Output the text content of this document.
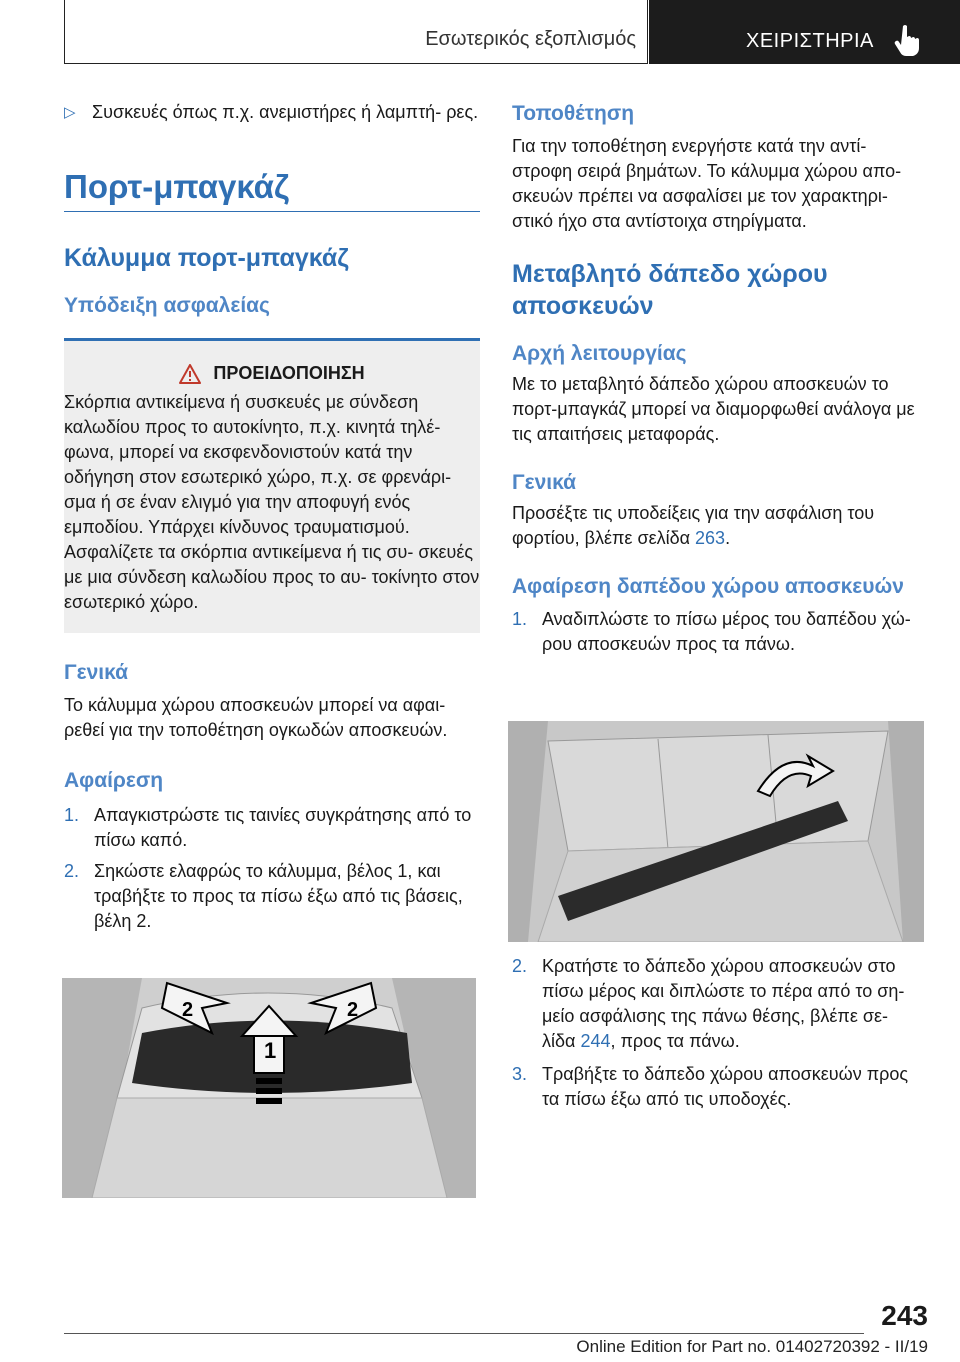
Εσωτερικός εξοπλισμός	ΧΕΙΡΙΣΤΗΡΙΑ
▷ Συσκευές όπως π.χ. ανεμιστήρες ή λαμπτή‐ ρες.
Πορτ-μπαγκάζ
Κάλυμμα πορτ-μπαγκάζ
Υπόδειξη ασφαλείας
ΠΡΟΕΙΔΟΠΟΙΗΣΗ

Σκόρπια αντικείμενα ή συσκευές με σύνδεση καλωδίου προς το αυτοκίνητο, π.χ. κινητά τηλέ‐ φωνα, μπορεί να εκσφενδονιστούν κατά την οδήγηση στον εσωτερικό χώρο, π.χ. σε φρενάρι‐ σμα ή σε έναν ελιγμό για την αποφυγή ενός εμποδίου. Υπάρχει κίνδυνος τραυματισμού. Ασφαλίζετε τα σκόρπια αντικείμενα ή τις συ‐ σκευές με μια σύνδεση καλωδίου προς το αυ‐ τοκίνητο στον εσωτερικό χώρο.

Γενικά

Το κάλυμμα χώρου αποσκευών μπορεί να αφαι‐ ρεθεί για την τοποθέτηση ογκωδών αποσκευών.

Αφαίρεση
1. Απαγκιστρώστε τις ταινίες συγκράτησης από το πίσω καπό.
2. Σηκώστε ελαφρώς το κάλυμμα, βέλος 1, και τραβήξτε το προς τα πίσω έξω από τις βάσεις, βέλη 2.
1
2	2
Τοποθέτηση

Για την τοποθέτηση ενεργήστε κατά την αντί‐ στροφη σειρά βημάτων. Το κάλυμμα χώρου απο‐ σκευών πρέπει να ασφαλίσει με τον χαρακτηρι‐ στικό ήχο στα αντίστοιχα στηρίγματα.

Μεταβλητό δάπεδο χώρου αποσκευών
Αρχή λειτουργίας

Με το μεταβλητό δάπεδο χώρου αποσκευών το πορτ-μπαγκάζ μπορεί να διαμορφωθεί ανάλογα με τις απαιτήσεις μεταφοράς.

Γενικά

Προσέξτε τις υποδείξεις για την ασφάλιση του φορτίου, βλέπε σελίδα 263.

Αφαίρεση δαπέδου χώρου αποσκευών
1. Αναδιπλώστε το πίσω μέρος του δαπέδου χώ‐ ρου αποσκευών προς τα πάνω.
2. Κρατήστε το δάπεδο χώρου αποσκευών στο πίσω μέρος και διπλώστε το πέρα από το ση‐ μείο ασφάλισης της πάνω θέσης, βλέπε σε‐ λίδα 244, προς τα πάνω.
3. Τραβήξτε το δάπεδο χώρου αποσκευών προς τα πίσω έξω από τις υποδοχές.
243
Online Edition for Part no. 01402720392 - II/19
